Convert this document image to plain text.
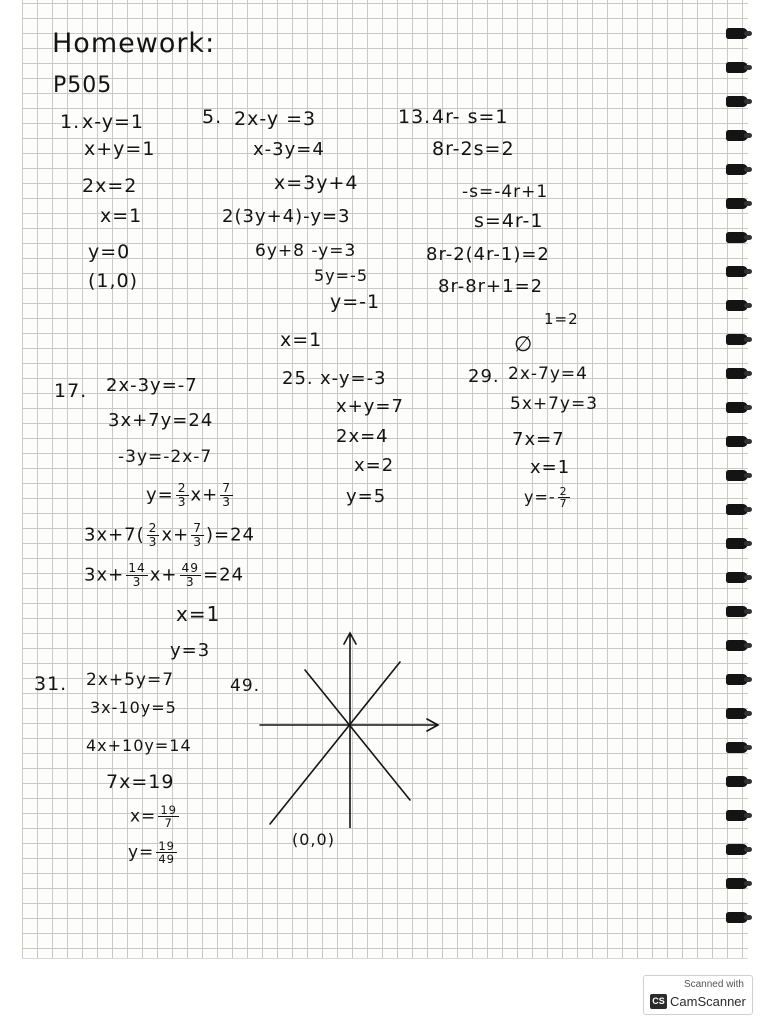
Homework:
P505
1. x-y=1
x+y=1
2x=2
x=1
y=0
(1,0)
5. 2x-y =3
x-3y=4
x=3y+4
2(3y+4)-y=3
6y+8 -y=3
5y=-5
y=-1
x=1
13. 4r- s=1
8r-2s=2
-s=-4r+1
s=4r-1
8r-2(4r-1)=2
8r-8r+1=2
1=2
∅
17. 2x-3y=-7
3x+7y=24
-3y=-2x-7
$y= \frac{2}{3} x+ \frac{7}{3}$
$3x+7( \frac{2}{3} x+ \frac{7}{3} )=24$
$3x+ \frac{14}{3} x+ \frac{49}{3} =24$
x=1
y=3
25. x-y=-3
x+y=7
2x=4
x=2
y=5
29. 2x-7y=4
5x+7y=3
7x=7
x=1
$y=- \frac{2}{7}$
31. 2x+5y=7
3x-10y=5
4x+10y=14
7x=19
$x= \frac{19}{7}$
$y= \frac{19}{49}$
49.
(0,0)
Scanned with
CS CamScanner
